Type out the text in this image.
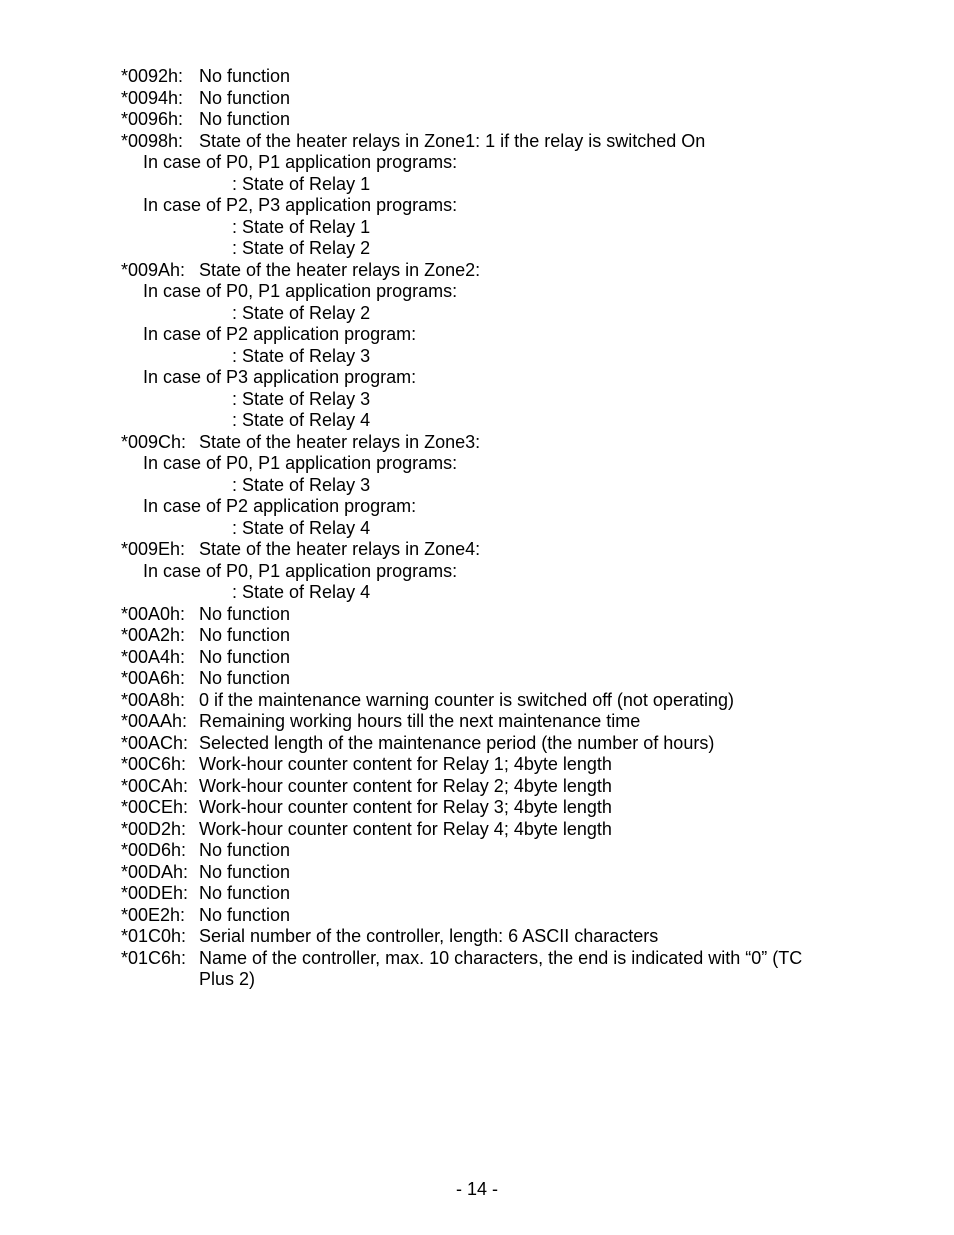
*0092h: No function
*0094h: No function
*0096h: No function
*0098h: State of the heater relays in Zone1: 1 if the relay is switched On
In case of P0, P1 application programs:
: State of Relay 1
In case of P2, P3 application programs:
: State of Relay 1
: State of Relay 2
*009Ah: State of the heater relays in Zone2:
In case of P0, P1 application programs:
: State of Relay 2
In case of P2 application program:
: State of Relay 3
In case of P3 application program:
: State of Relay 3
: State of Relay 4
*009Ch: State of the heater relays in Zone3:
In case of P0, P1 application programs:
: State of Relay 3
In case of P2 application program:
: State of Relay 4
*009Eh: State of the heater relays in Zone4:
In case of P0, P1 application programs:
: State of Relay 4
*00A0h: No function
*00A2h: No function
*00A4h: No function
*00A6h: No function
*00A8h: 0 if the maintenance warning counter is switched off (not operating)
*00AAh: Remaining working hours till the next maintenance time
*00ACh: Selected length of the maintenance period (the number of hours)
*00C6h: Work-hour counter content for Relay 1; 4byte length
*00CAh: Work-hour counter content for Relay 2; 4byte length
*00CEh: Work-hour counter content for Relay 3; 4byte length
*00D2h: Work-hour counter content for Relay 4; 4byte length
*00D6h: No function
*00DAh: No function
*00DEh: No function
*00E2h: No function
*01C0h: Serial number of the controller, length: 6 ASCII characters
*01C6h: Name of the controller, max. 10 characters, the end is indicated with “0” (TC Plus 2)
- 14 -
